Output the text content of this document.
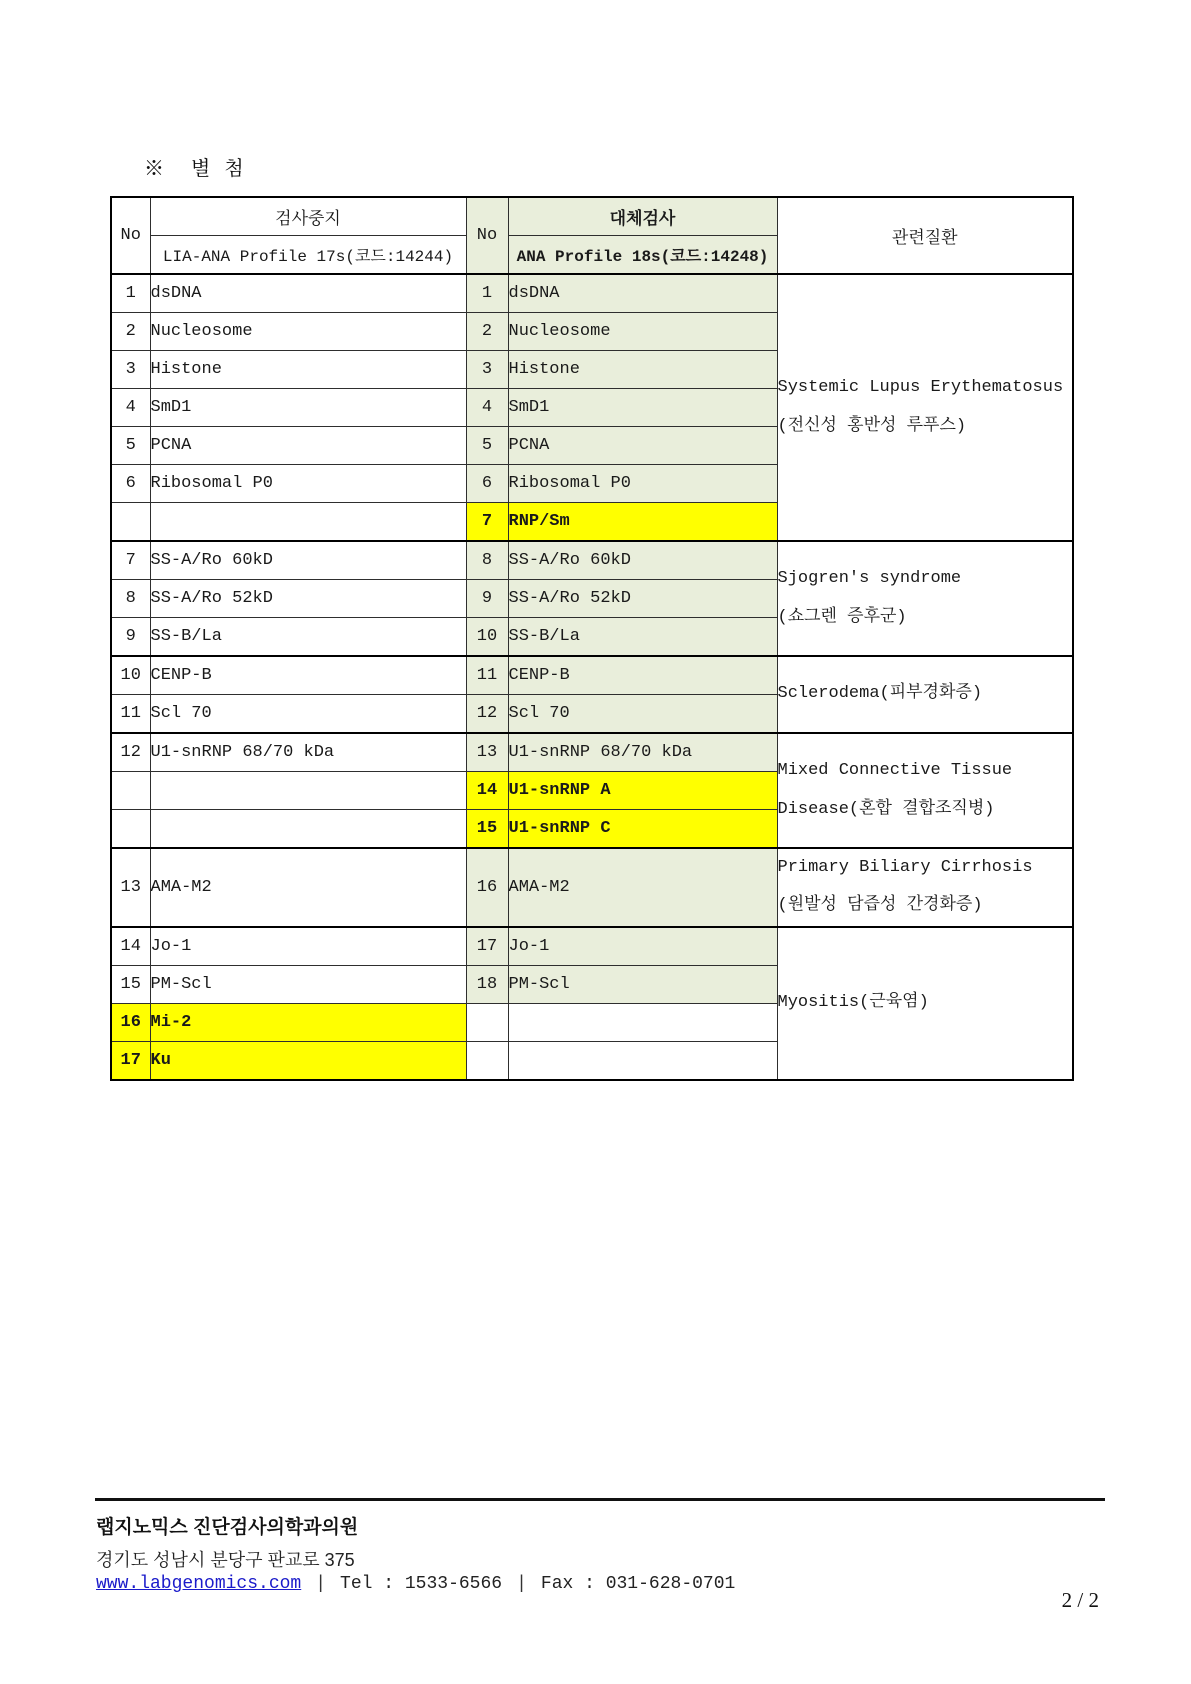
※  별 첨
No	검사중지	No	대체검사	관련질환
	LIA-ANA Profile 17s(코드:14244)		ANA Profile 18s(코드:14248)	
1	dsDNA	1	dsDNA	Systemic Lupus Erythematosus
(전신성 홍반성 루푸스)

2	Nucleosome	2	Nucleosome	
3	Histone	3	Histone	
4	SmD1	4	SmD1	
5	PCNA	5	PCNA	
6	Ribosomal P0	6	Ribosomal P0	
		7	RNP/Sm	
7	SS-A/Ro 60kD	8	SS-A/Ro 60kD	Sjogren's syndrome
(쇼그렌 증후군)

8	SS-A/Ro 52kD	9	SS-A/Ro 52kD	
9	SS-B/La	10	SS-B/La	
10	CENP-B	11	CENP-B	Sclerodema(피부경화증)

11	Scl 70	12	Scl 70	
12	U1-snRNP 68/70 kDa	13	U1-snRNP 68/70 kDa	Mixed Connective Tissue
Disease(혼합 결합조직병)

		14	U1-snRNP A	
		15	U1-snRNP C	
13	AMA-M2	16	AMA-M2	Primary Biliary Cirrhosis
(원발성 담즙성 간경화증)

14	Jo-1	17	Jo-1	Myositis(근육염)

15	PM-Scl	18	PM-Scl	
16	Mi-2			
17	Ku			
랩지노믹스 진단검사의학과의원
경기도 성남시 분당구 판교로 375
www.labgenomics.com | Tel : 1533-6566 | Fax : 031-628-0701
2 / 2
